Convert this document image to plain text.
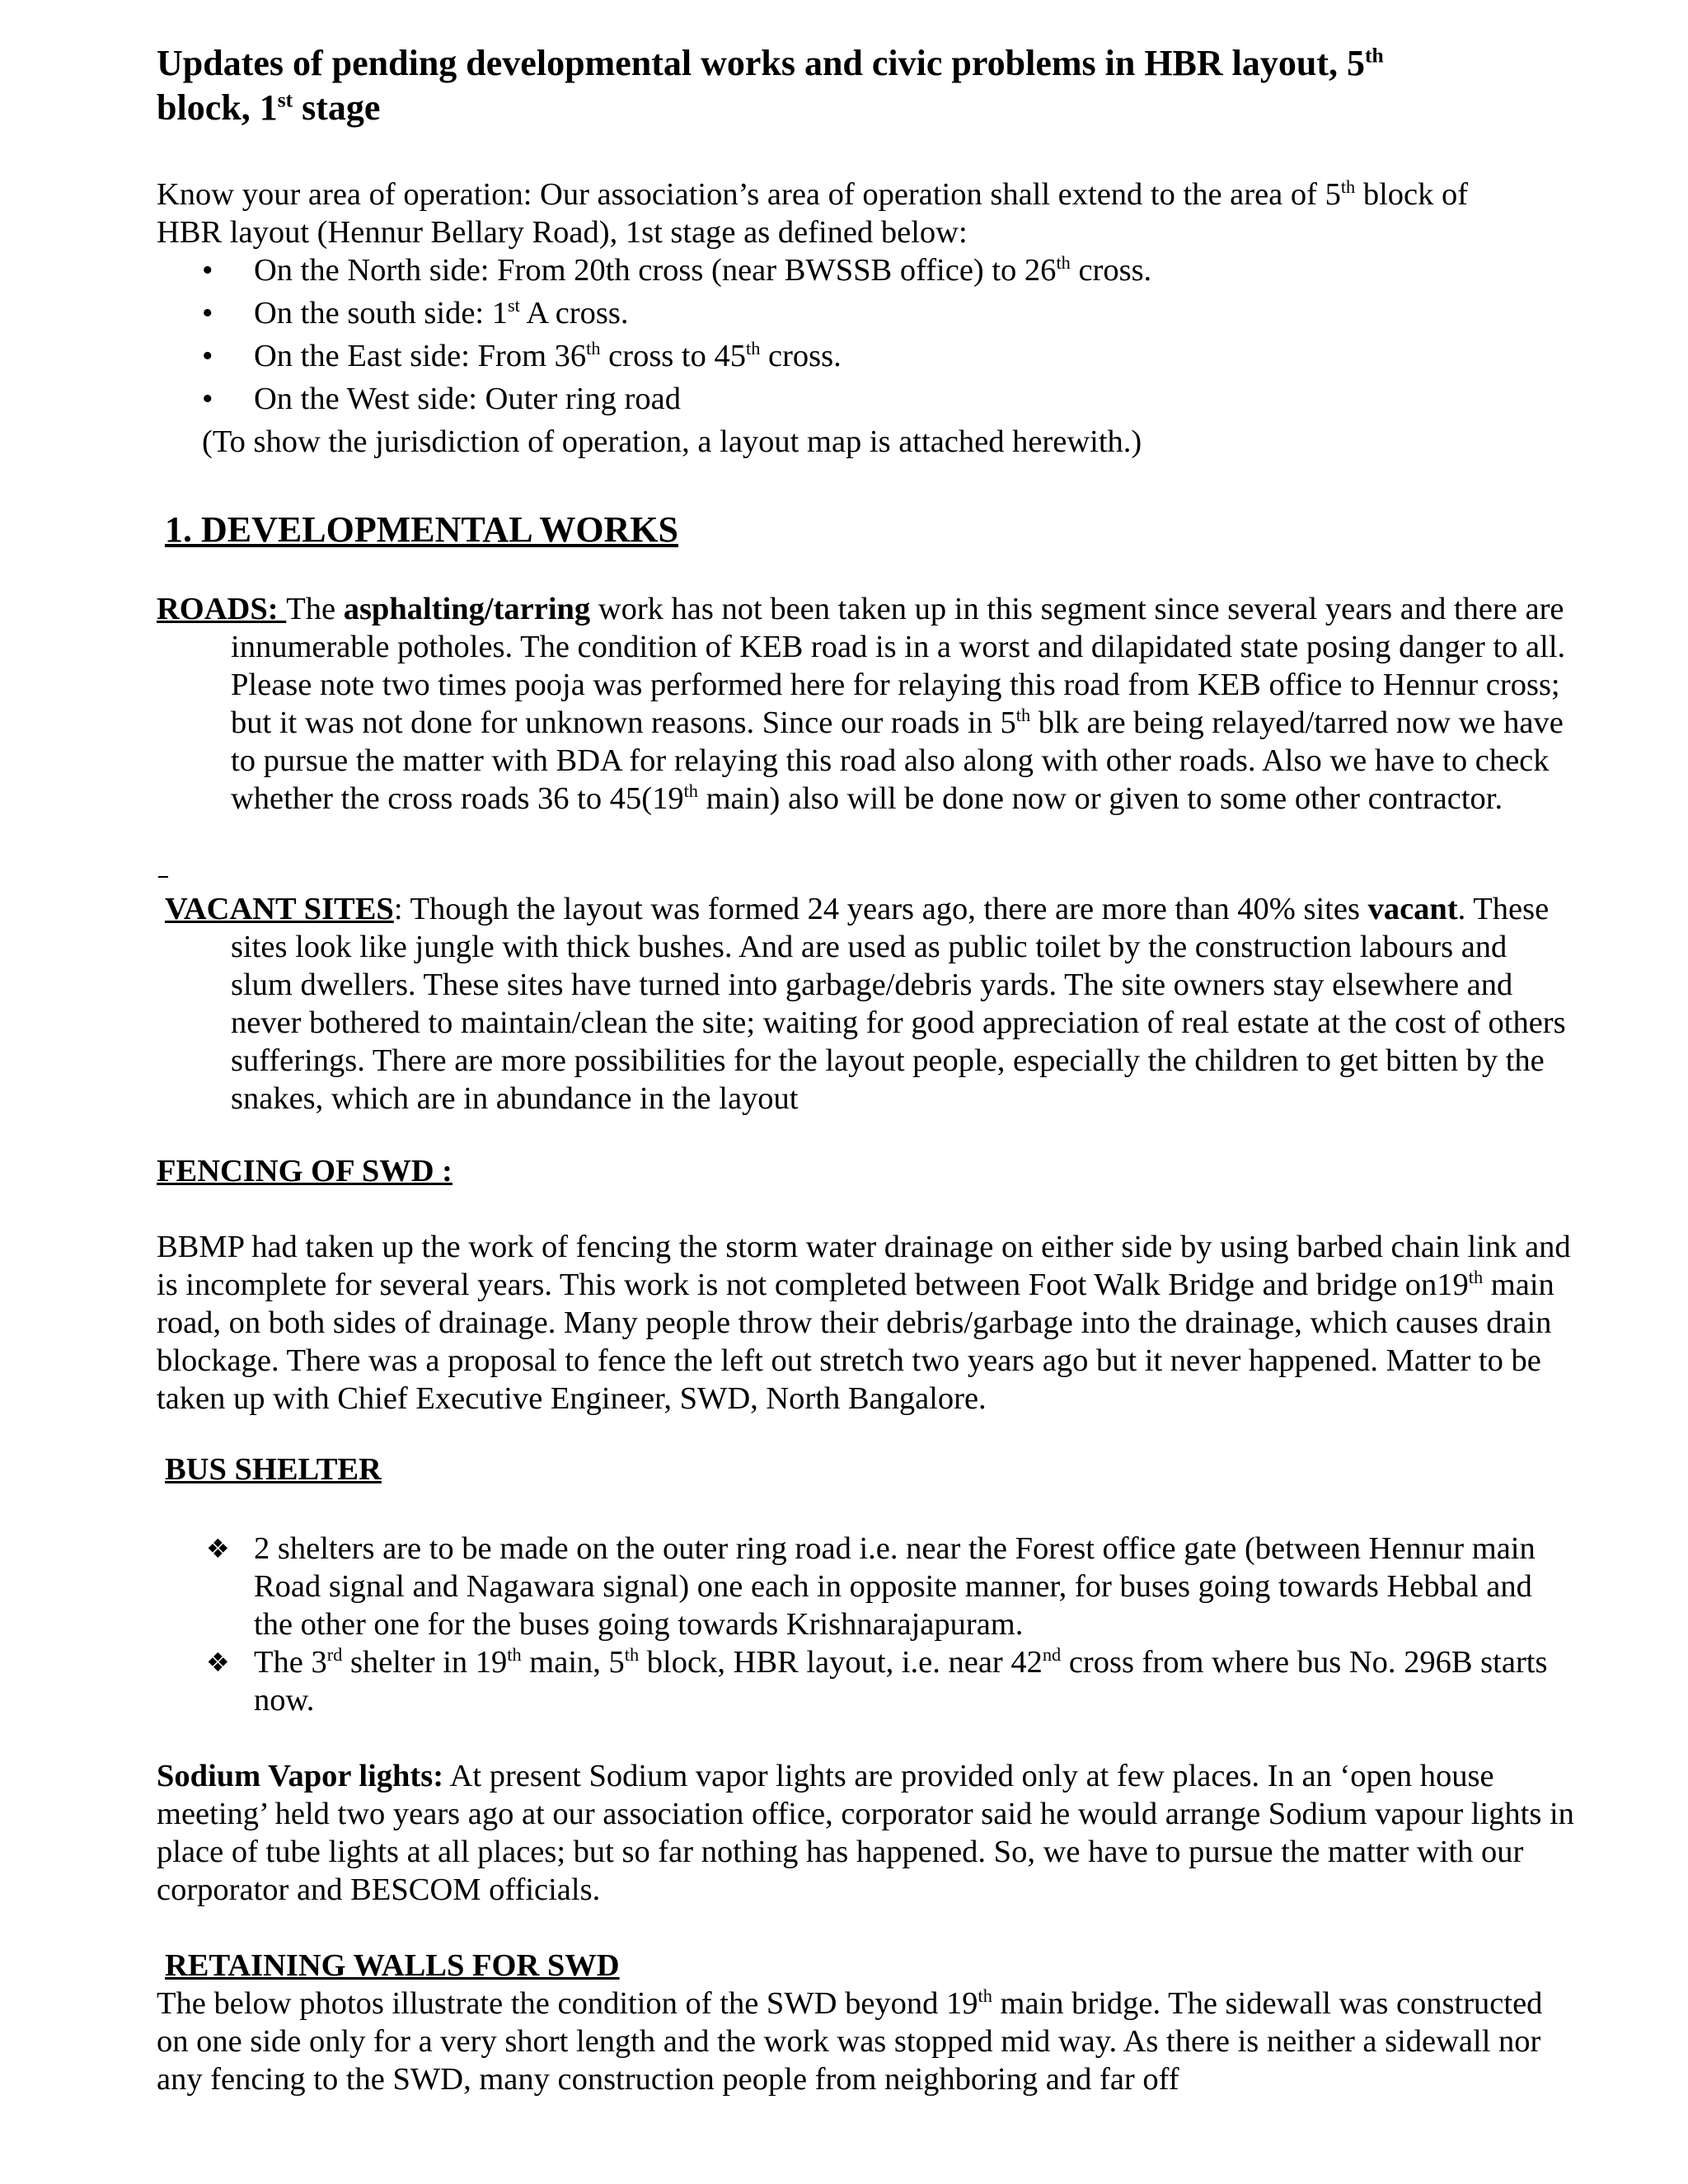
Updates of pending developmental works and civic problems in HBR layout, 5th
block, 1st stage

Know your area of operation: Our association’s area of operation shall extend to the area of 5th block of
HBR layout (Hennur Bellary Road), 1st stage as defined below:

• On the North side: From 20th cross (near BWSSB office) to 26th cross.
• On the south side: 1st A cross.
• On the East side: From 36th cross to 45th cross.
• On the West side: Outer ring road

(To show the jurisdiction of operation, a layout map is attached herewith.)

1. DEVELOPMENTAL WORKS

ROADS: The asphalting/tarring work has not been taken up in this segment since several years and there are innumerable potholes. The condition of KEB road is in a worst and dilapidated state posing danger to all. Please note two times pooja was performed here for relaying this road from KEB office to Hennur cross; but it was not done for unknown reasons. Since our roads in 5th blk are being relayed/tarred now we have to pursue the matter with BDA for relaying this road also along with other roads. Also we have to check whether the cross roads 36 to 45(19th main) also will be done now or given to some other contractor.

VACANT SITES: Though the layout was formed 24 years ago, there are more than 40% sites vacant. These sites look like jungle with thick bushes. And are used as public toilet by the construction labours and slum dwellers. These sites have turned into garbage/debris yards. The site owners stay elsewhere and never bothered to maintain/clean the site; waiting for good appreciation of real estate at the cost of others sufferings. There are more possibilities for the layout people, especially the children to get bitten by the snakes, which are in abundance in the layout

FENCING OF SWD :

BBMP had taken up the work of fencing the storm water drainage on either side by using barbed chain link and is incomplete for several years. This work is not completed between Foot Walk Bridge and bridge on19th main road, on both sides of drainage. Many people throw their debris/garbage into the drainage, which causes drain blockage. There was a proposal to fence the left out stretch two years ago but it never happened. Matter to be taken up with Chief Executive Engineer, SWD, North Bangalore.

BUS SHELTER
❖ 2 shelters are to be made on the outer ring road i.e. near the Forest office gate (between Hennur main Road signal and Nagawara signal) one each in opposite manner, for buses going towards Hebbal and the other one for the buses going towards Krishnarajapuram.
❖ The 3rd shelter in 19th main, 5th block, HBR layout, i.e. near 42nd cross from where bus No. 296B starts now.

Sodium Vapor lights: At present Sodium vapor lights are provided only at few places. In an ‘open house meeting’ held two years ago at our association office, corporator said he would arrange Sodium vapour lights in place of tube lights at all places; but so far nothing has happened. So, we have to pursue the matter with our corporator and BESCOM officials.

RETAINING WALLS FOR SWD

The below photos illustrate the condition of the SWD beyond 19th main bridge. The sidewall was constructed on one side only for a very short length and the work was stopped mid way. As there is neither a sidewall nor any fencing to the SWD, many construction people from neighboring and far off
